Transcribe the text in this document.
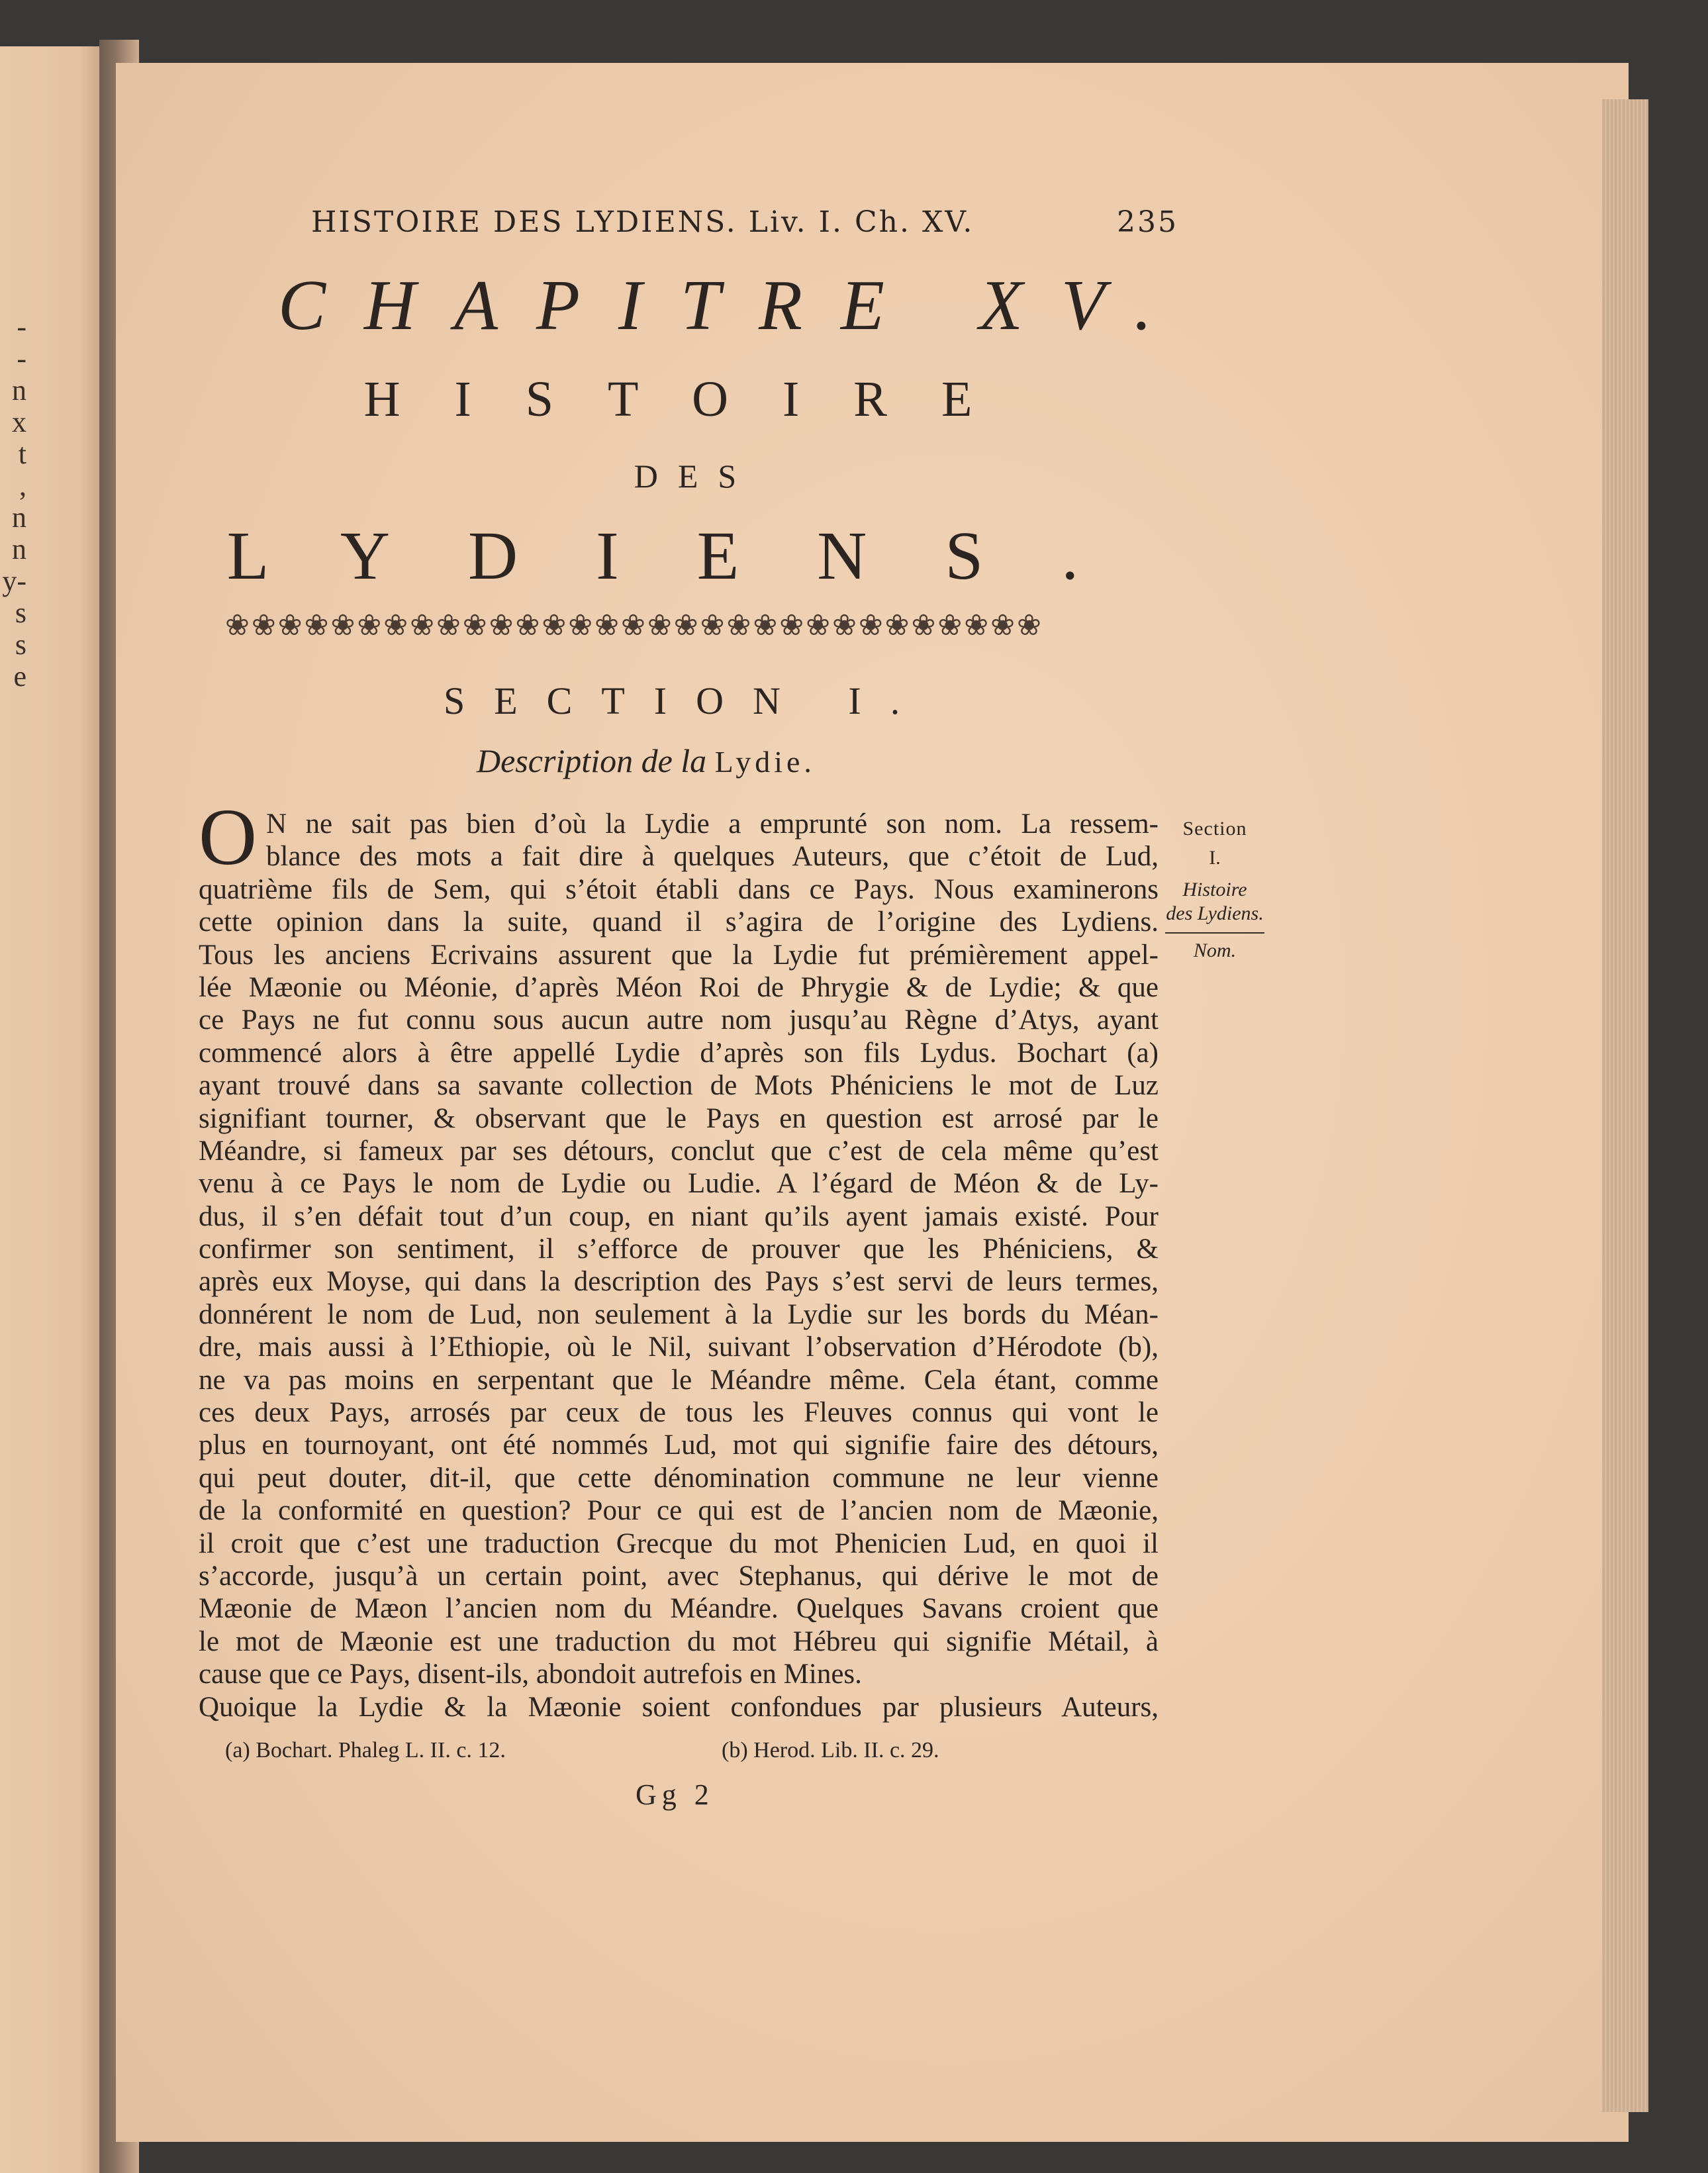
-
-
n
x
t
,
n
n
y-
s
s
e
HISTOIRE DES LYDIENS. Liv. I. Ch. XV.	235
CHAPITRE XV.
HISTOIRE
DES
LYDIENS.
❀❀❀❀❀❀❀❀❀❀❀❀❀❀❀❀❀❀❀❀❀❀❀❀❀❀❀❀❀❀❀
SECTION I.
Description de la Lydie.
O N ne sait pas bien d’où la Lydie a emprunté son nom. La ressem-
blance des mots a fait dire à quelques Auteurs, que c’étoit de Lud,
quatrième fils de Sem, qui s’étoit établi dans ce Pays. Nous examinerons
cette opinion dans la suite, quand il s’agira de l’origine des Lydiens.
Tous les anciens Ecrivains assurent que la Lydie fut prémièrement appel-
lée Mæonie ou Méonie, d’après Méon Roi de Phrygie & de Lydie; & que
ce Pays ne fut connu sous aucun autre nom jusqu’au Règne d’Atys, ayant
commencé alors à être appellé Lydie d’après son fils Lydus. Bochart (a)
ayant trouvé dans sa savante collection de Mots Phéniciens le mot de Luz
signifiant tourner, & observant que le Pays en question est arrosé par le
Méandre, si fameux par ses détours, conclut que c’est de cela même qu’est
venu à ce Pays le nom de Lydie ou Ludie. A l’égard de Méon & de Ly-
dus, il s’en défait tout d’un coup, en niant qu’ils ayent jamais existé. Pour
confirmer son sentiment, il s’efforce de prouver que les Phéniciens, &
après eux Moyse, qui dans la description des Pays s’est servi de leurs termes,
donnérent le nom de Lud, non seulement à la Lydie sur les bords du Méan-
dre, mais aussi à l’Ethiopie, où le Nil, suivant l’observation d’Hérodote (b),
ne va pas moins en serpentant que le Méandre même. Cela étant, comme
ces deux Pays, arrosés par ceux de tous les Fleuves connus qui vont le
plus en tournoyant, ont été nommés Lud, mot qui signifie faire des détours,
qui peut douter, dit-il, que cette dénomination commune ne leur vienne
de la conformité en question? Pour ce qui est de l’ancien nom de Mæonie,
il croit que c’est une traduction Grecque du mot Phenicien Lud, en quoi il
s’accorde, jusqu’à un certain point, avec Stephanus, qui dérive le mot de
Mæonie de Mæon l’ancien nom du Méandre. Quelques Savans croient que
le mot de Mæonie est une traduction du mot Hébreu qui signifie Métail, à
cause que ce Pays, disent-ils, abondoit autrefois en Mines.
Quoique la Lydie & la Mæonie soient confondues par plusieurs Auteurs,
Section
I.
Histoire
des Lydiens.
Nom.
(a) Bochart. Phaleg L. II. c. 12.	(b) Herod. Lib. II. c. 29.
Gg 2
